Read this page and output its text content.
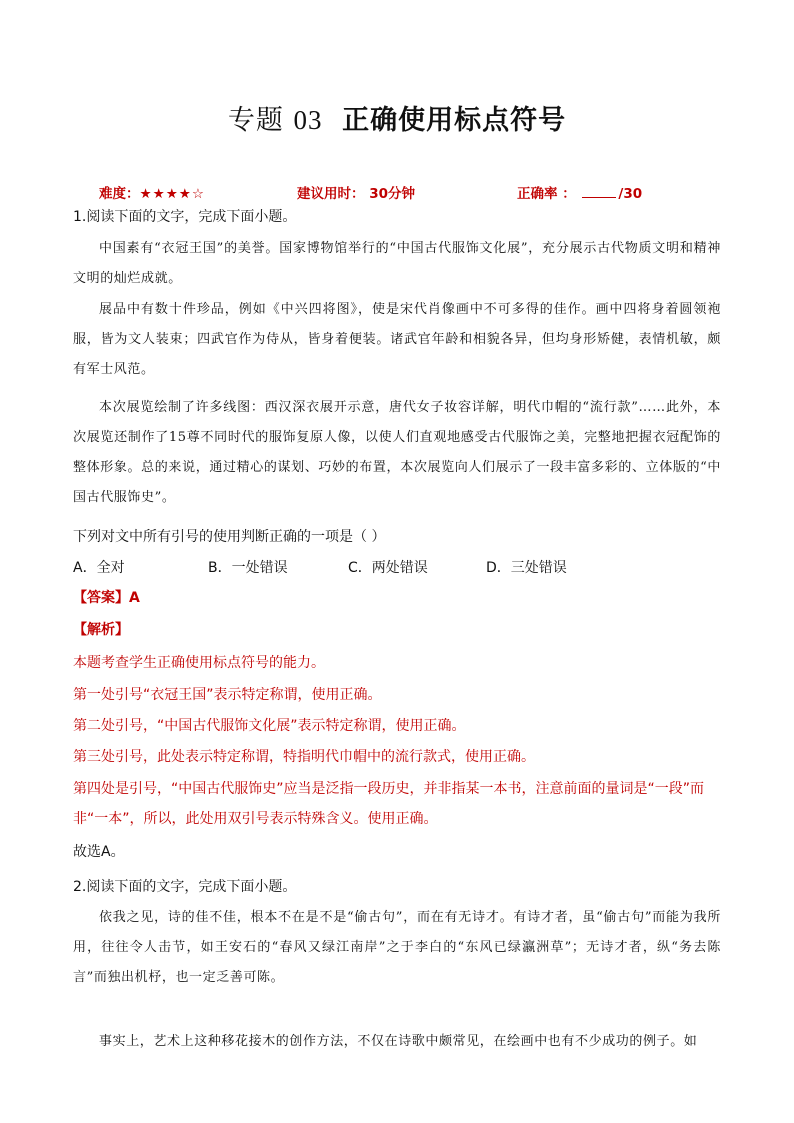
专题 03 正确使用标点符号
难度：★★★★☆	建议用时： 30分钟	正确率 ：	/30
1.阅读下面的文字，完成下面小题。
中国素有“衣冠王国”的美誉。国家博物馆举行的“中国古代服饰文化展”，充分展示古代物质文明和精神文明的灿烂成就。
展品中有数十件珍品，例如《中兴四将图》，使是宋代肖像画中不可多得的佳作。画中四将身着圆领袍服，皆为文人装束；四武官作为侍从，皆身着便装。诸武官年龄和相貌各异，但均身形矫健，表情机敏，颇有军士风范。
本次展览绘制了许多线图：西汉深衣展开示意，唐代女子妆容详解，明代巾帽的“流行款”……此外，本次展览还制作了15尊不同时代的服饰复原人像，以使人们直观地感受古代服饰之美，完整地把握衣冠配饰的整体形象。总的来说，通过精心的谋划、巧妙的布置，本次展览向人们展示了一段丰富多彩的、立体版的“中国古代服饰史”。
下列对文中所有引号的使用判断正确的一项是（ ）
A．全对	B．一处错误	C．两处错误	D．三处错误
【答案】A
【解析】
本题考查学生正确使用标点符号的能力。
第一处引号“衣冠王国”表示特定称谓，使用正确。
第二处引号，“中国古代服饰文化展”表示特定称谓，使用正确。
第三处引号，此处表示特定称谓，特指明代巾帽中的流行款式，使用正确。
第四处是引号，“中国古代服饰史”应当是泛指一段历史，并非指某一本书，注意前面的量词是“一段”而非“一本”，所以，此处用双引号表示特殊含义。使用正确。
故选A。
2.阅读下面的文字，完成下面小题。
依我之见，诗的佳不佳，根本不在是不是“偷古句”，而在有无诗才。有诗才者，虽“偷古句”而能为我所用，往往令人击节，如王安石的“春风又绿江南岸”之于李白的“东风已绿瀛洲草”；无诗才者，纵“务去陈言”而独出机杼，也一定乏善可陈。
事实上，艺术上这种移花接木的创作方法，不仅在诗歌中颇常见，在绘画中也有不少成功的例子。如
